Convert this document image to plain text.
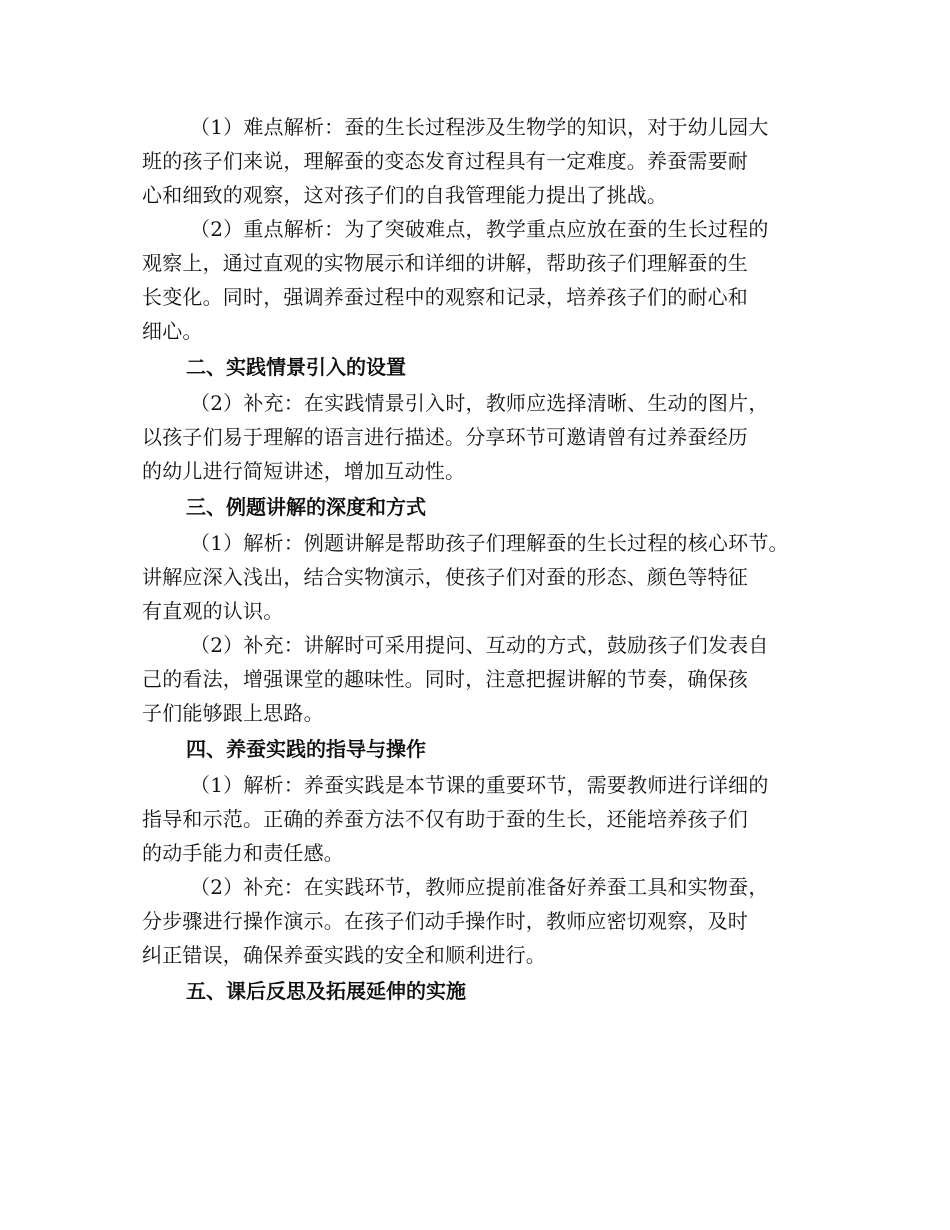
（1）难点解析：蚕的生长过程涉及生物学的知识，对于幼儿园大
班的孩子们来说，理解蚕的变态发育过程具有一定难度。养蚕需要耐
心和细致的观察，这对孩子们的自我管理能力提出了挑战。

（2）重点解析：为了突破难点，教学重点应放在蚕的生长过程的
观察上，通过直观的实物展示和详细的讲解，帮助孩子们理解蚕的生
长变化。同时，强调养蚕过程中的观察和记录，培养孩子们的耐心和
细心。

二、实践情景引入的设置

（2）补充：在实践情景引入时，教师应选择清晰、生动的图片，
以孩子们易于理解的语言进行描述。分享环节可邀请曾有过养蚕经历
的幼儿进行简短讲述，增加互动性。

三、例题讲解的深度和方式

（1）解析：例题讲解是帮助孩子们理解蚕的生长过程的核心环节。
讲解应深入浅出，结合实物演示，使孩子们对蚕的形态、颜色等特征
有直观的认识。

（2）补充：讲解时可采用提问、互动的方式，鼓励孩子们发表自
己的看法，增强课堂的趣味性。同时，注意把握讲解的节奏，确保孩
子们能够跟上思路。

四、养蚕实践的指导与操作

（1）解析：养蚕实践是本节课的重要环节，需要教师进行详细的
指导和示范。正确的养蚕方法不仅有助于蚕的生长，还能培养孩子们
的动手能力和责任感。

（2）补充：在实践环节，教师应提前准备好养蚕工具和实物蚕，
分步骤进行操作演示。在孩子们动手操作时，教师应密切观察，及时
纠正错误，确保养蚕实践的安全和顺利进行。

五、课后反思及拓展延伸的实施
